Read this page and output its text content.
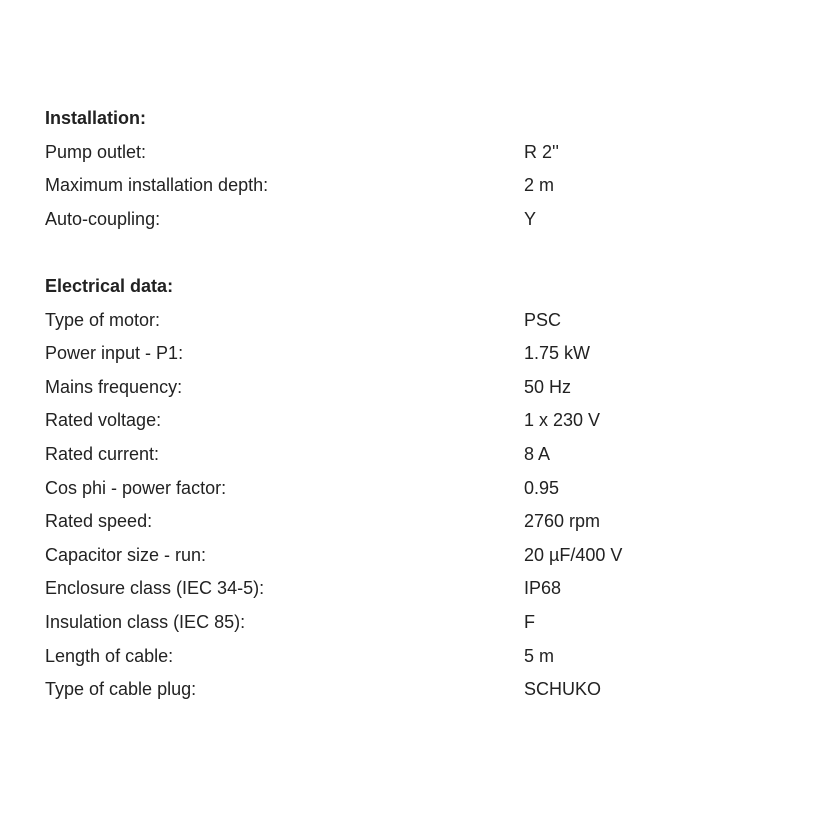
Installation:
Pump outlet:	R 2''
Maximum installation depth:	2 m
Auto-coupling:	Y
Electrical data:
Type of motor:	PSC
Power input - P1:	1.75 kW
Mains frequency:	50 Hz
Rated voltage:	1 x 230 V
Rated current:	8 A
Cos phi - power factor:	0.95
Rated speed:	2760 rpm
Capacitor size - run:	20 µF/400 V
Enclosure class (IEC 34-5):	IP68
Insulation class (IEC 85):	F
Length of cable:	5 m
Type of cable plug:	SCHUKO
